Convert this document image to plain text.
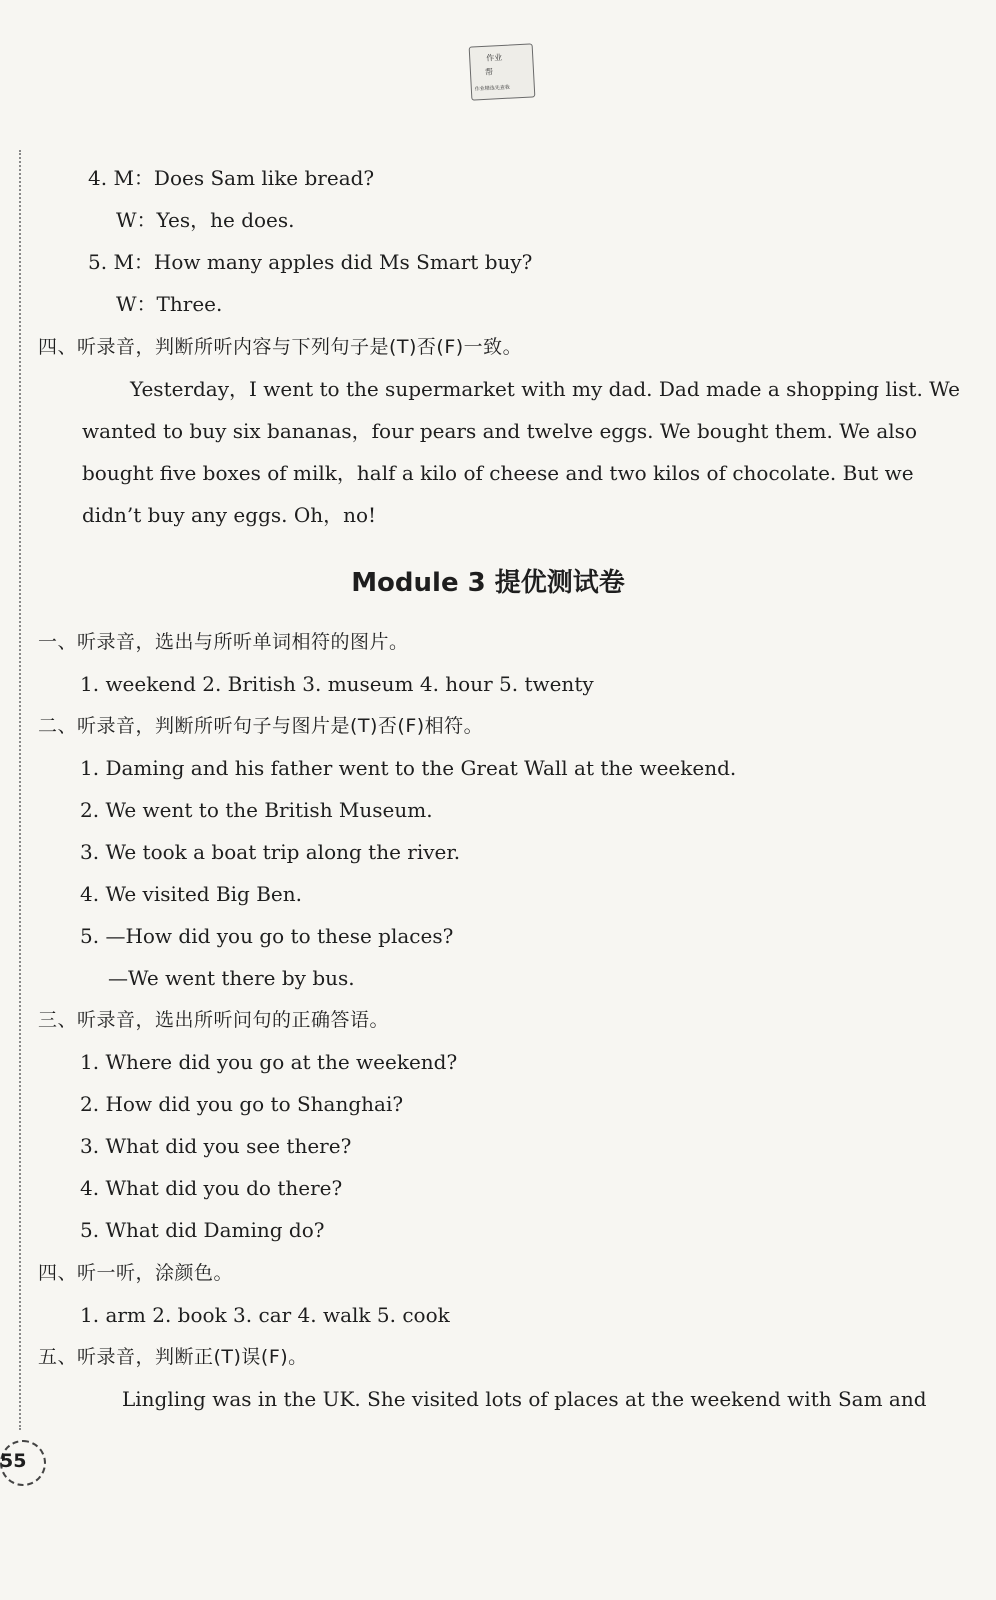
作业
帮
作业精选先查我
4. M：Does Sam like bread?
W：Yes，he does.
5. M：How many apples did Ms Smart buy?
W：Three.
四、听录音，判断所听内容与下列句子是(T)否(F)一致。
Yesterday，I went to the supermarket with my dad. Dad made a shopping list. We
wanted to buy six bananas，four pears and twelve eggs. We bought them. We also
bought five boxes of milk，half a kilo of cheese and two kilos of chocolate. But we
didn’t buy any eggs. Oh，no!
Module 3 提优测试卷
一、听录音，选出与所听单词相符的图片。
1. weekend 2. British 3. museum 4. hour 5. twenty
二、听录音，判断所听句子与图片是(T)否(F)相符。
1. Daming and his father went to the Great Wall at the weekend.
2. We went to the British Museum.
3. We took a boat trip along the river.
4. We visited Big Ben.
5. —How did you go to these places?
—We went there by bus.
三、听录音，选出所听问句的正确答语。
1. Where did you go at the weekend?
2. How did you go to Shanghai?
3. What did you see there?
4. What did you do there?
5. What did Daming do?
四、听一听，涂颜色。
1. arm 2. book 3. car 4. walk 5. cook
五、听录音，判断正(T)误(F)。
Lingling was in the UK. She visited lots of places at the weekend with Sam and
55
